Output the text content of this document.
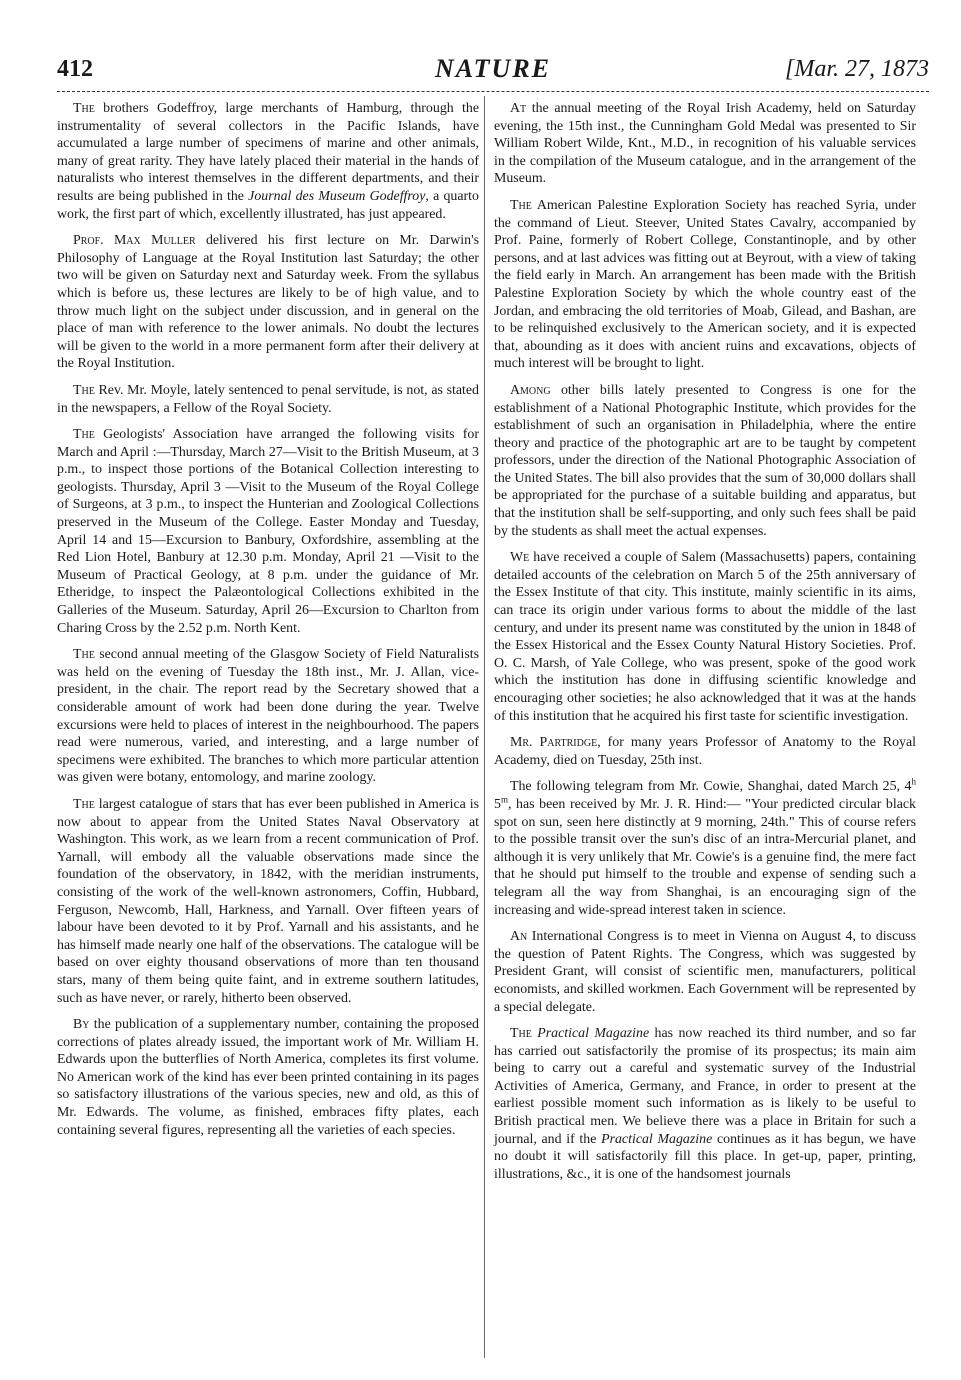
412	NATURE	[Mar. 27, 1873

The brothers Godeffroy, large merchants of Hamburg, through the instrumentality of several collectors in the Pacific Islands, have accumulated a large number of specimens of marine and other animals, many of great rarity. They have lately placed their material in the hands of naturalists who interest themselves in the different departments, and their results are being published in the Journal des Museum Godeffroy, a quarto work, the first part of which, excellently illustrated, has just appeared.

Prof. Max Muller delivered his first lecture on Mr. Darwin's Philosophy of Language at the Royal Institution last Saturday; the other two will be given on Saturday next and Saturday week. From the syllabus which is before us, these lectures are likely to be of high value, and to throw much light on the subject under discussion, and in general on the place of man with reference to the lower animals. No doubt the lectures will be given to the world in a more permanent form after their delivery at the Royal Institution.

The Rev. Mr. Moyle, lately sentenced to penal servitude, is not, as stated in the newspapers, a Fellow of the Royal Society.

The Geologists' Association have arranged the following visits for March and April :—Thursday, March 27—Visit to the British Museum, at 3 p.m., to inspect those portions of the Botanical Collection interesting to geologists. Thursday, April 3 —Visit to the Museum of the Royal College of Surgeons, at 3 p.m., to inspect the Hunterian and Zoological Collections preserved in the Museum of the College. Easter Monday and Tuesday, April 14 and 15—Excursion to Banbury, Oxfordshire, assembling at the Red Lion Hotel, Banbury at 12.30 p.m. Monday, April 21 —Visit to the Museum of Practical Geology, at 8 p.m. under the guidance of Mr. Etheridge, to inspect the Palæontological Collections exhibited in the Galleries of the Museum. Saturday, April 26—Excursion to Charlton from Charing Cross by the 2.52 p.m. North Kent.

The second annual meeting of the Glasgow Society of Field Naturalists was held on the evening of Tuesday the 18th inst., Mr. J. Allan, vice-president, in the chair. The report read by the Secretary showed that a considerable amount of work had been done during the year. Twelve excursions were held to places of interest in the neighbourhood. The papers read were numerous, varied, and interesting, and a large number of specimens were exhibited. The branches to which more particular attention was given were botany, entomology, and marine zoology.

The largest catalogue of stars that has ever been published in America is now about to appear from the United States Naval Observatory at Washington. This work, as we learn from a recent communication of Prof. Yarnall, will embody all the valuable observations made since the foundation of the observatory, in 1842, with the meridian instruments, consisting of the work of the well-known astronomers, Coffin, Hubbard, Ferguson, Newcomb, Hall, Harkness, and Yarnall. Over fifteen years of labour have been devoted to it by Prof. Yarnall and his assistants, and he has himself made nearly one half of the observations. The catalogue will be based on over eighty thousand observations of more than ten thousand stars, many of them being quite faint, and in extreme southern latitudes, such as have never, or rarely, hitherto been observed.

By the publication of a supplementary number, containing the proposed corrections of plates already issued, the important work of Mr. William H. Edwards upon the butterflies of North America, completes its first volume. No American work of the kind has ever been printed containing in its pages so satisfactory illustrations of the various species, new and old, as this of Mr. Edwards. The volume, as finished, embraces fifty plates, each containing several figures, representing all the varieties of each species.

At the annual meeting of the Royal Irish Academy, held on Saturday evening, the 15th inst., the Cunningham Gold Medal was presented to Sir William Robert Wilde, Knt., M.D., in recognition of his valuable services in the compilation of the Museum catalogue, and in the arrangement of the Museum.

The American Palestine Exploration Society has reached Syria, under the command of Lieut. Steever, United States Cavalry, accompanied by Prof. Paine, formerly of Robert College, Constantinople, and by other persons, and at last advices was fitting out at Beyrout, with a view of taking the field early in March. An arrangement has been made with the British Palestine Exploration Society by which the whole country east of the Jordan, and embracing the old territories of Moab, Gilead, and Bashan, are to be relinquished exclusively to the American society, and it is expected that, abounding as it does with ancient ruins and excavations, objects of much interest will be brought to light.

Among other bills lately presented to Congress is one for the establishment of a National Photographic Institute, which provides for the establishment of such an organisation in Philadelphia, where the entire theory and practice of the photographic art are to be taught by competent professors, under the direction of the National Photographic Association of the United States. The bill also provides that the sum of 30,000 dollars shall be appropriated for the purchase of a suitable building and apparatus, but that the institution shall be self-supporting, and only such fees shall be paid by the students as shall meet the actual expenses.

We have received a couple of Salem (Massachusetts) papers, containing detailed accounts of the celebration on March 5 of the 25th anniversary of the Essex Institute of that city. This institute, mainly scientific in its aims, can trace its origin under various forms to about the middle of the last century, and under its present name was constituted by the union in 1848 of the Essex Historical and the Essex County Natural History Societies. Prof. O. C. Marsh, of Yale College, who was present, spoke of the good work which the institution has done in diffusing scientific knowledge and encouraging other societies; he also acknowledged that it was at the hands of this institution that he acquired his first taste for scientific investigation.

Mr. Partridge, for many years Professor of Anatomy to the Royal Academy, died on Tuesday, 25th inst.

The following telegram from Mr. Cowie, Shanghai, dated March 25, 4$^h$ 5$^m$, has been received by Mr. J. R. Hind:— "Your predicted circular black spot on sun, seen here distinctly at 9 morning, 24th." This of course refers to the possible transit over the sun's disc of an intra-Mercurial planet, and although it is very unlikely that Mr. Cowie's is a genuine find, the mere fact that he should put himself to the trouble and expense of sending such a telegram all the way from Shanghai, is an encouraging sign of the increasing and wide-spread interest taken in science.

An International Congress is to meet in Vienna on August 4, to discuss the question of Patent Rights. The Congress, which was suggested by President Grant, will consist of scientific men, manufacturers, political economists, and skilled workmen. Each Government will be represented by a special delegate.

The Practical Magazine has now reached its third number, and so far has carried out satisfactorily the promise of its prospectus; its main aim being to carry out a careful and systematic survey of the Industrial Activities of America, Germany, and France, in order to present at the earliest possible moment such information as is likely to be useful to British practical men. We believe there was a place in Britain for such a journal, and if the Practical Magazine continues as it has begun, we have no doubt it will satisfactorily fill this place. In get-up, paper, printing, illustrations, &c., it is one of the handsomest journals
